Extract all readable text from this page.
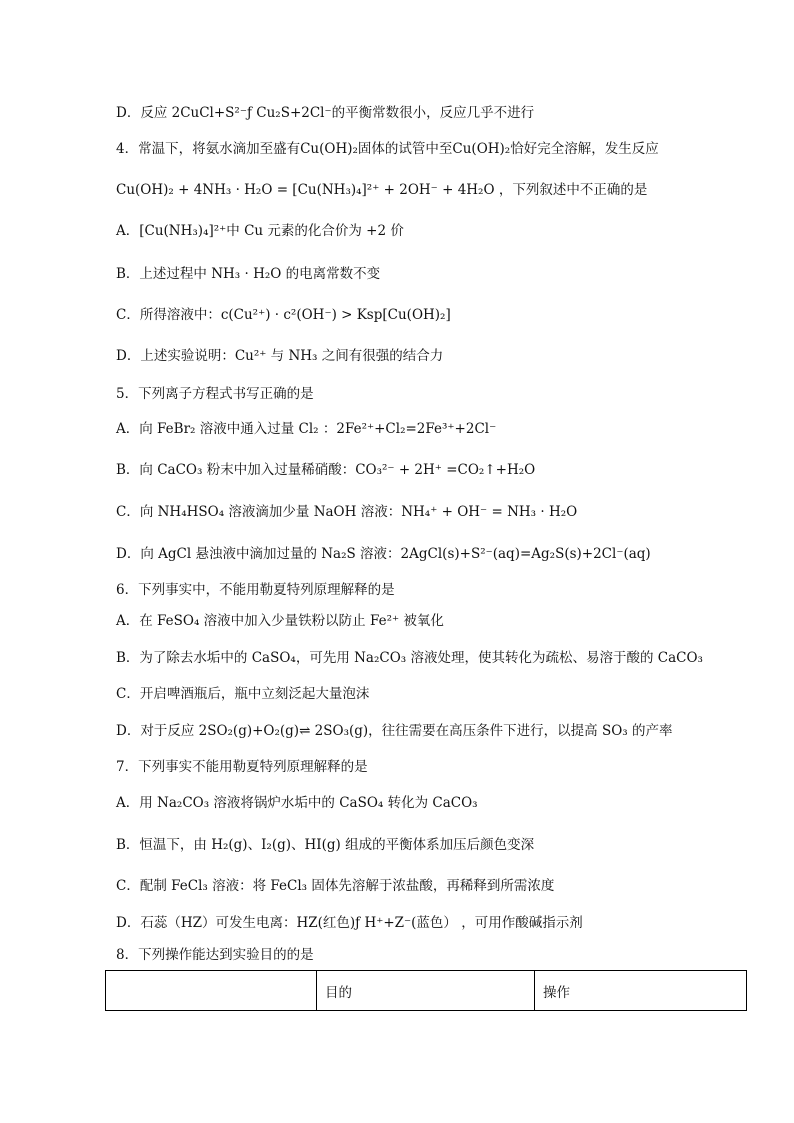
D．反应 2CuCl+S²⁻ƒ Cu₂S+2Cl⁻的平衡常数很小，反应几乎不进行
4．常温下，将氨水滴加至盛有Cu(OH)₂固体的试管中至Cu(OH)₂恰好完全溶解，发生反应
Cu(OH)₂ + 4NH₃ · H₂O = [Cu(NH₃)₄]²⁺ + 2OH⁻ + 4H₂O ，下列叙述中不正确的是
A．[Cu(NH₃)₄]²⁺中 Cu 元素的化合价为 +2 价
B．上述过程中 NH₃ · H₂O 的电离常数不变
C．所得溶液中：c(Cu²⁺) · c²(OH⁻) > Ksp[Cu(OH)₂]
D．上述实验说明：Cu²⁺ 与 NH₃ 之间有很强的结合力
5．下列离子方程式书写正确的是
A．向 FeBr₂ 溶液中通入过量 Cl₂ ：2Fe²⁺+Cl₂=2Fe³⁺+2Cl⁻
B．向 CaCO₃ 粉末中加入过量稀硝酸：CO₃²⁻ + 2H⁺ =CO₂↑+H₂O
C．向 NH₄HSO₄ 溶液滴加少量 NaOH 溶液：NH₄⁺ + OH⁻ = NH₃ · H₂O
D．向 AgCl 悬浊液中滴加过量的 Na₂S 溶液：2AgCl(s)+S²⁻(aq)=Ag₂S(s)+2Cl⁻(aq)
6．下列事实中，不能用勒夏特列原理解释的是
A．在 FeSO₄ 溶液中加入少量铁粉以防止 Fe²⁺ 被氧化
B．为了除去水垢中的 CaSO₄，可先用 Na₂CO₃ 溶液处理，使其转化为疏松、易溶于酸的 CaCO₃
C．开启啤酒瓶后，瓶中立刻泛起大量泡沫
D．对于反应 2SO₂(g)+O₂(g)⇌ 2SO₃(g)，往往需要在高压条件下进行，以提高 SO₃ 的产率
7．下列事实不能用勒夏特列原理解释的是
A．用 Na₂CO₃ 溶液将锅炉水垢中的 CaSO₄ 转化为 CaCO₃
B．恒温下，由 H₂(g)、I₂(g)、HI(g) 组成的平衡体系加压后颜色变深
C．配制 FeCl₃ 溶液：将 FeCl₃ 固体先溶解于浓盐酸，再稀释到所需浓度
D．石蕊（HZ）可发生电离：HZ(红色)ƒ H⁺+Z⁻(蓝色） ，可用作酸碱指示剂
8．下列操作能达到实验目的的是
目的	操作
